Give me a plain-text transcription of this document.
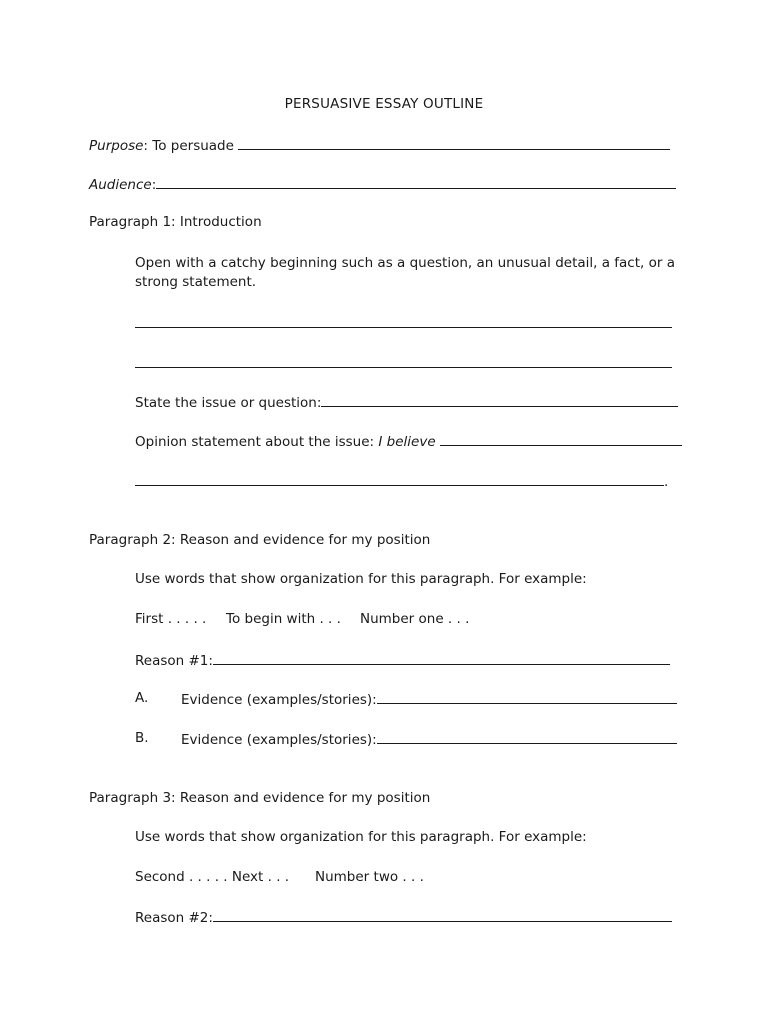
PERSUASIVE ESSAY OUTLINE
Purpose: To persuade
Audience:
Paragraph 1: Introduction
Open with a catchy beginning such as a question, an unusual detail, a fact, or a
strong statement.
State the issue or question:
Opinion statement about the issue: I believe
.
Paragraph 2: Reason and evidence for my position
Use words that show organization for this paragraph. For example:
First . . . . . To begin with . . . Number one . . .
Reason #1:
A. Evidence (examples/stories):
B. Evidence (examples/stories):
Paragraph 3: Reason and evidence for my position
Use words that show organization for this paragraph. For example:
Second . . . . . Next . . . Number two . . .
Reason #2:
